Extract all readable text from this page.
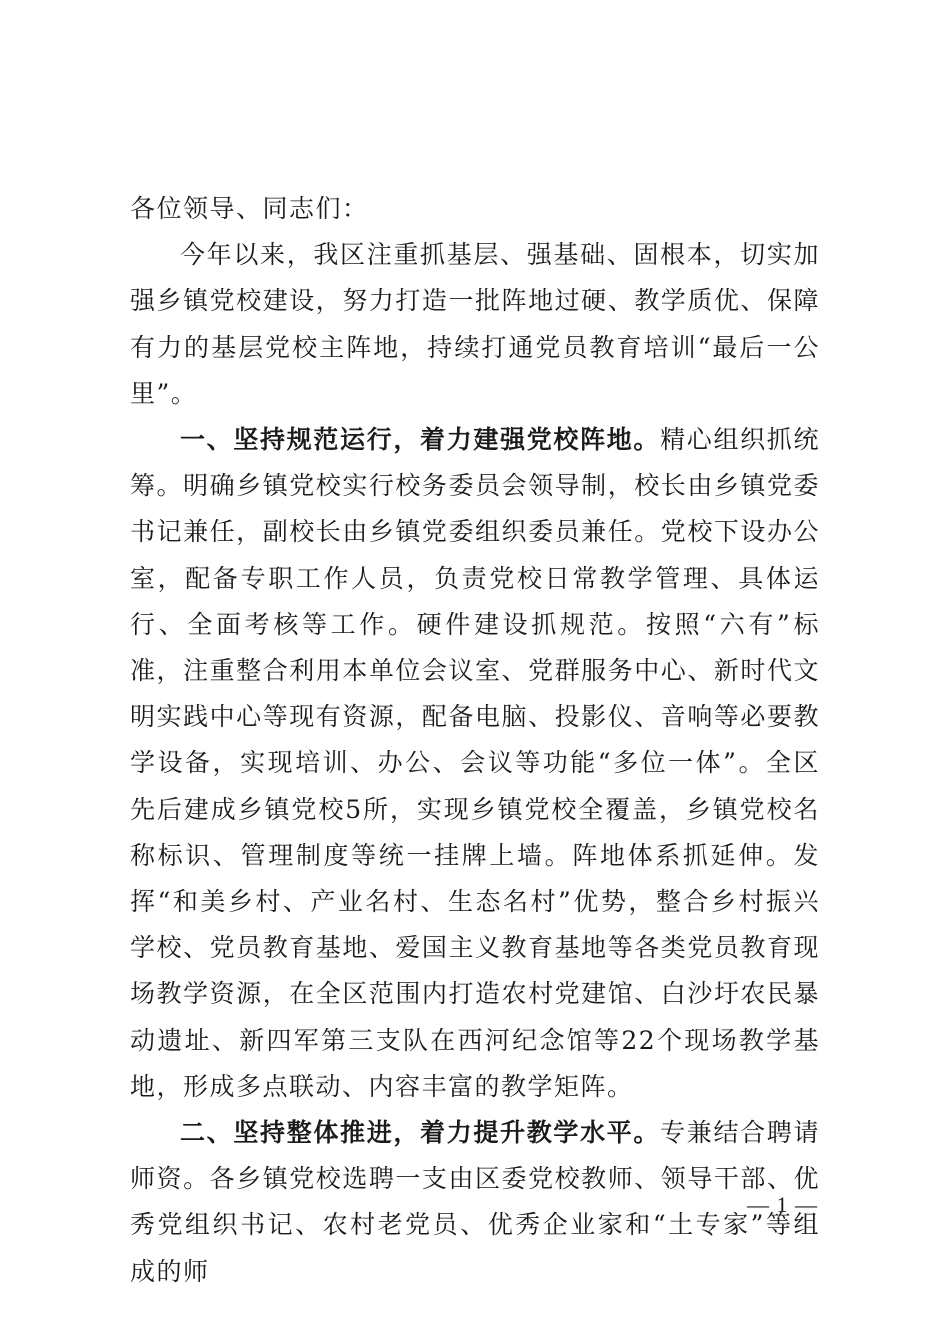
各位领导、同志们：

今年以来，我区注重抓基层、强基础、固根本，切实加强乡镇党校建设，努力打造一批阵地过硬、教学质优、保障有力的基层党校主阵地，持续打通党员教育培训“最后一公里”。

一、坚持规范运行，着力建强党校阵地。精心组织抓统筹。明确乡镇党校实行校务委员会领导制，校长由乡镇党委书记兼任，副校长由乡镇党委组织委员兼任。党校下设办公室，配备专职工作人员，负责党校日常教学管理、具体运行、全面考核等工作。硬件建设抓规范。按照“六有”标准，注重整合利用本单位会议室、党群服务中心、新时代文明实践中心等现有资源，配备电脑、投影仪、音响等必要教学设备，实现培训、办公、会议等功能“多位一体”。全区先后建成乡镇党校5所，实现乡镇党校全覆盖，乡镇党校名称标识、管理制度等统一挂牌上墙。阵地体系抓延伸。发挥“和美乡村、产业名村、生态名村”优势，整合乡村振兴学校、党员教育基地、爱国主义教育基地等各类党员教育现场教学资源，在全区范围内打造农村党建馆、白沙圩农民暴动遗址、新四军第三支队在西河纪念馆等22个现场教学基地，形成多点联动、内容丰富的教学矩阵。

二、坚持整体推进，着力提升教学水平。专兼结合聘请师资。各乡镇党校选聘一支由区委党校教师、领导干部、优秀党组织书记、农村老党员、优秀企业家和“土专家”等组成的师

— 1 —
